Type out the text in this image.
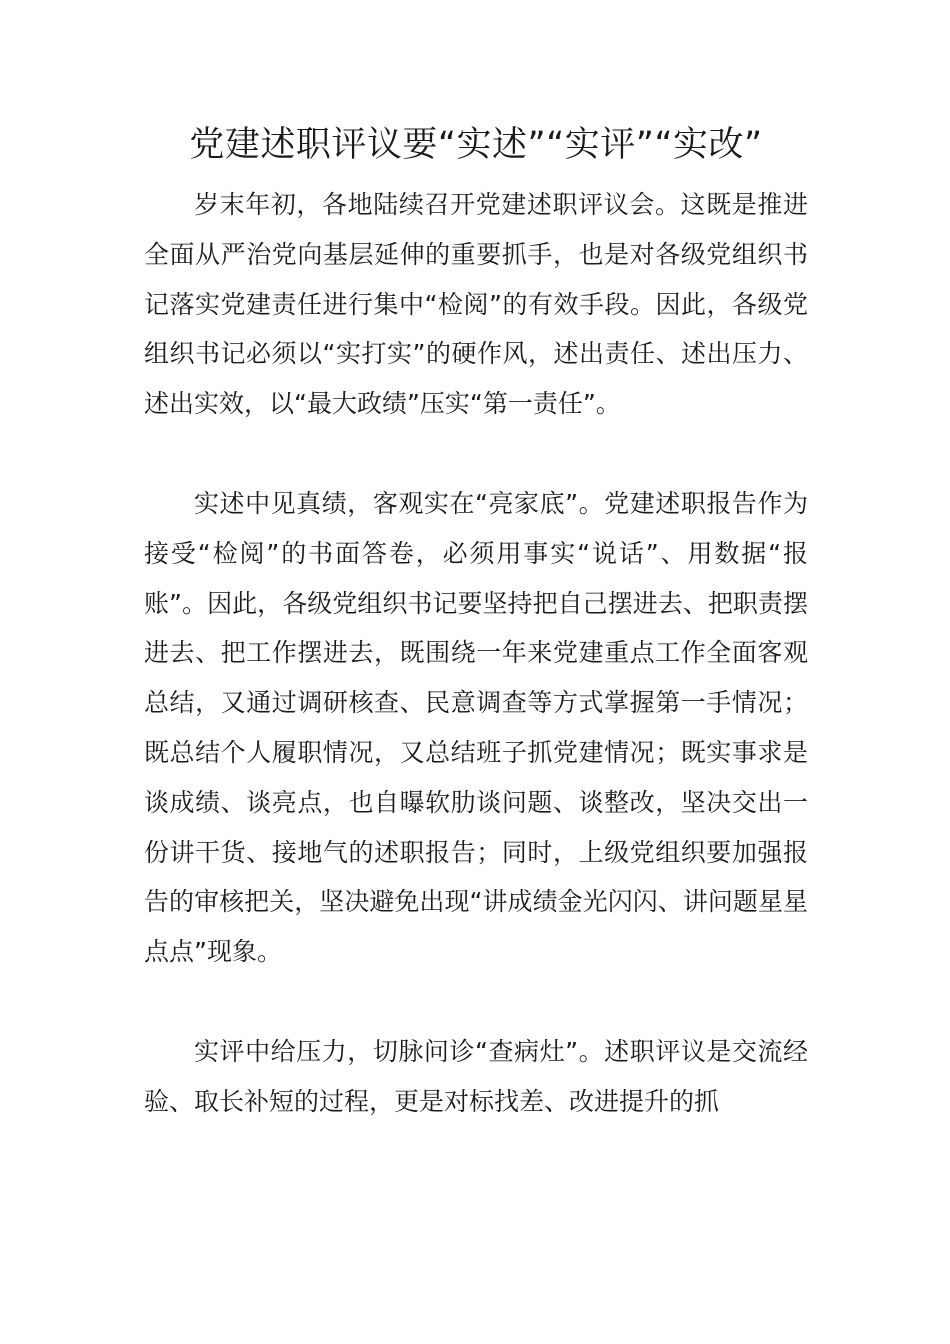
党建述职评议要“实述”“实评”“实改”

岁末年初，各地陆续召开党建述职评议会。这既是推进全面从严治党向基层延伸的重要抓手，也是对各级党组织书记落实党建责任进行集中“检阅”的有效手段。因此，各级党组织书记必须以“实打实”的硬作风，述出责任、述出压力、述出实效，以“最大政绩”压实“第一责任”。

实述中见真绩，客观实在“亮家底”。党建述职报告作为接受“检阅”的书面答卷，必须用事实“说话”、用数据“报账”。因此，各级党组织书记要坚持把自己摆进去、把职责摆进去、把工作摆进去，既围绕一年来党建重点工作全面客观总结，又通过调研核查、民意调查等方式掌握第一手情况；既总结个人履职情况，又总结班子抓党建情况；既实事求是谈成绩、谈亮点，也自曝软肋谈问题、谈整改，坚决交出一份讲干货、接地气的述职报告；同时，上级党组织要加强报告的审核把关，坚决避免出现“讲成绩金光闪闪、讲问题星星点点”现象。

实评中给压力，切脉问诊“查病灶”。述职评议是交流经验、取长补短的过程，更是对标找差、改进提升的抓
